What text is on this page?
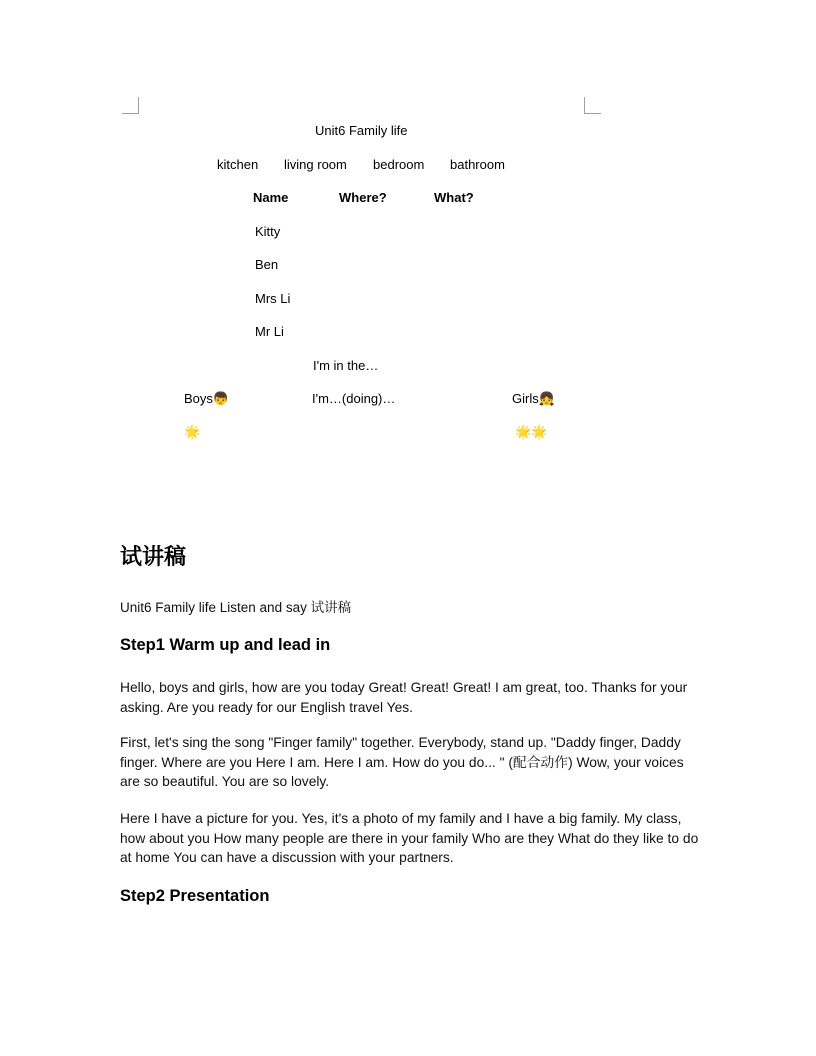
Unit6 Family life
kitchen living room bedroom bathroom
Name	Where?	What?
Kitty
Ben
Mrs Li
Mr Li
I'm in the…
I'm…(doing)…
Boys👦	Girls👧
🌟	🌟🌟
试讲稿
Unit6 Family life Listen and say 试讲稿
Step1 Warm up and lead in
Hello, boys and girls, how are you today Great! Great! Great! I am great, too. Thanks for your asking. Are you ready for our English travel Yes.
First, let's sing the song "Finger family" together. Everybody, stand up. "Daddy finger, Daddy finger. Where are you Here I am. Here I am. How do you do... " (配合动作) Wow, your voices are so beautiful. You are so lovely.
Here I have a picture for you. Yes, it's a photo of my family and I have a big family. My class, how about you How many people are there in your family Who are they What do they like to do at home You can have a discussion with your partners.
Step2 Presentation
